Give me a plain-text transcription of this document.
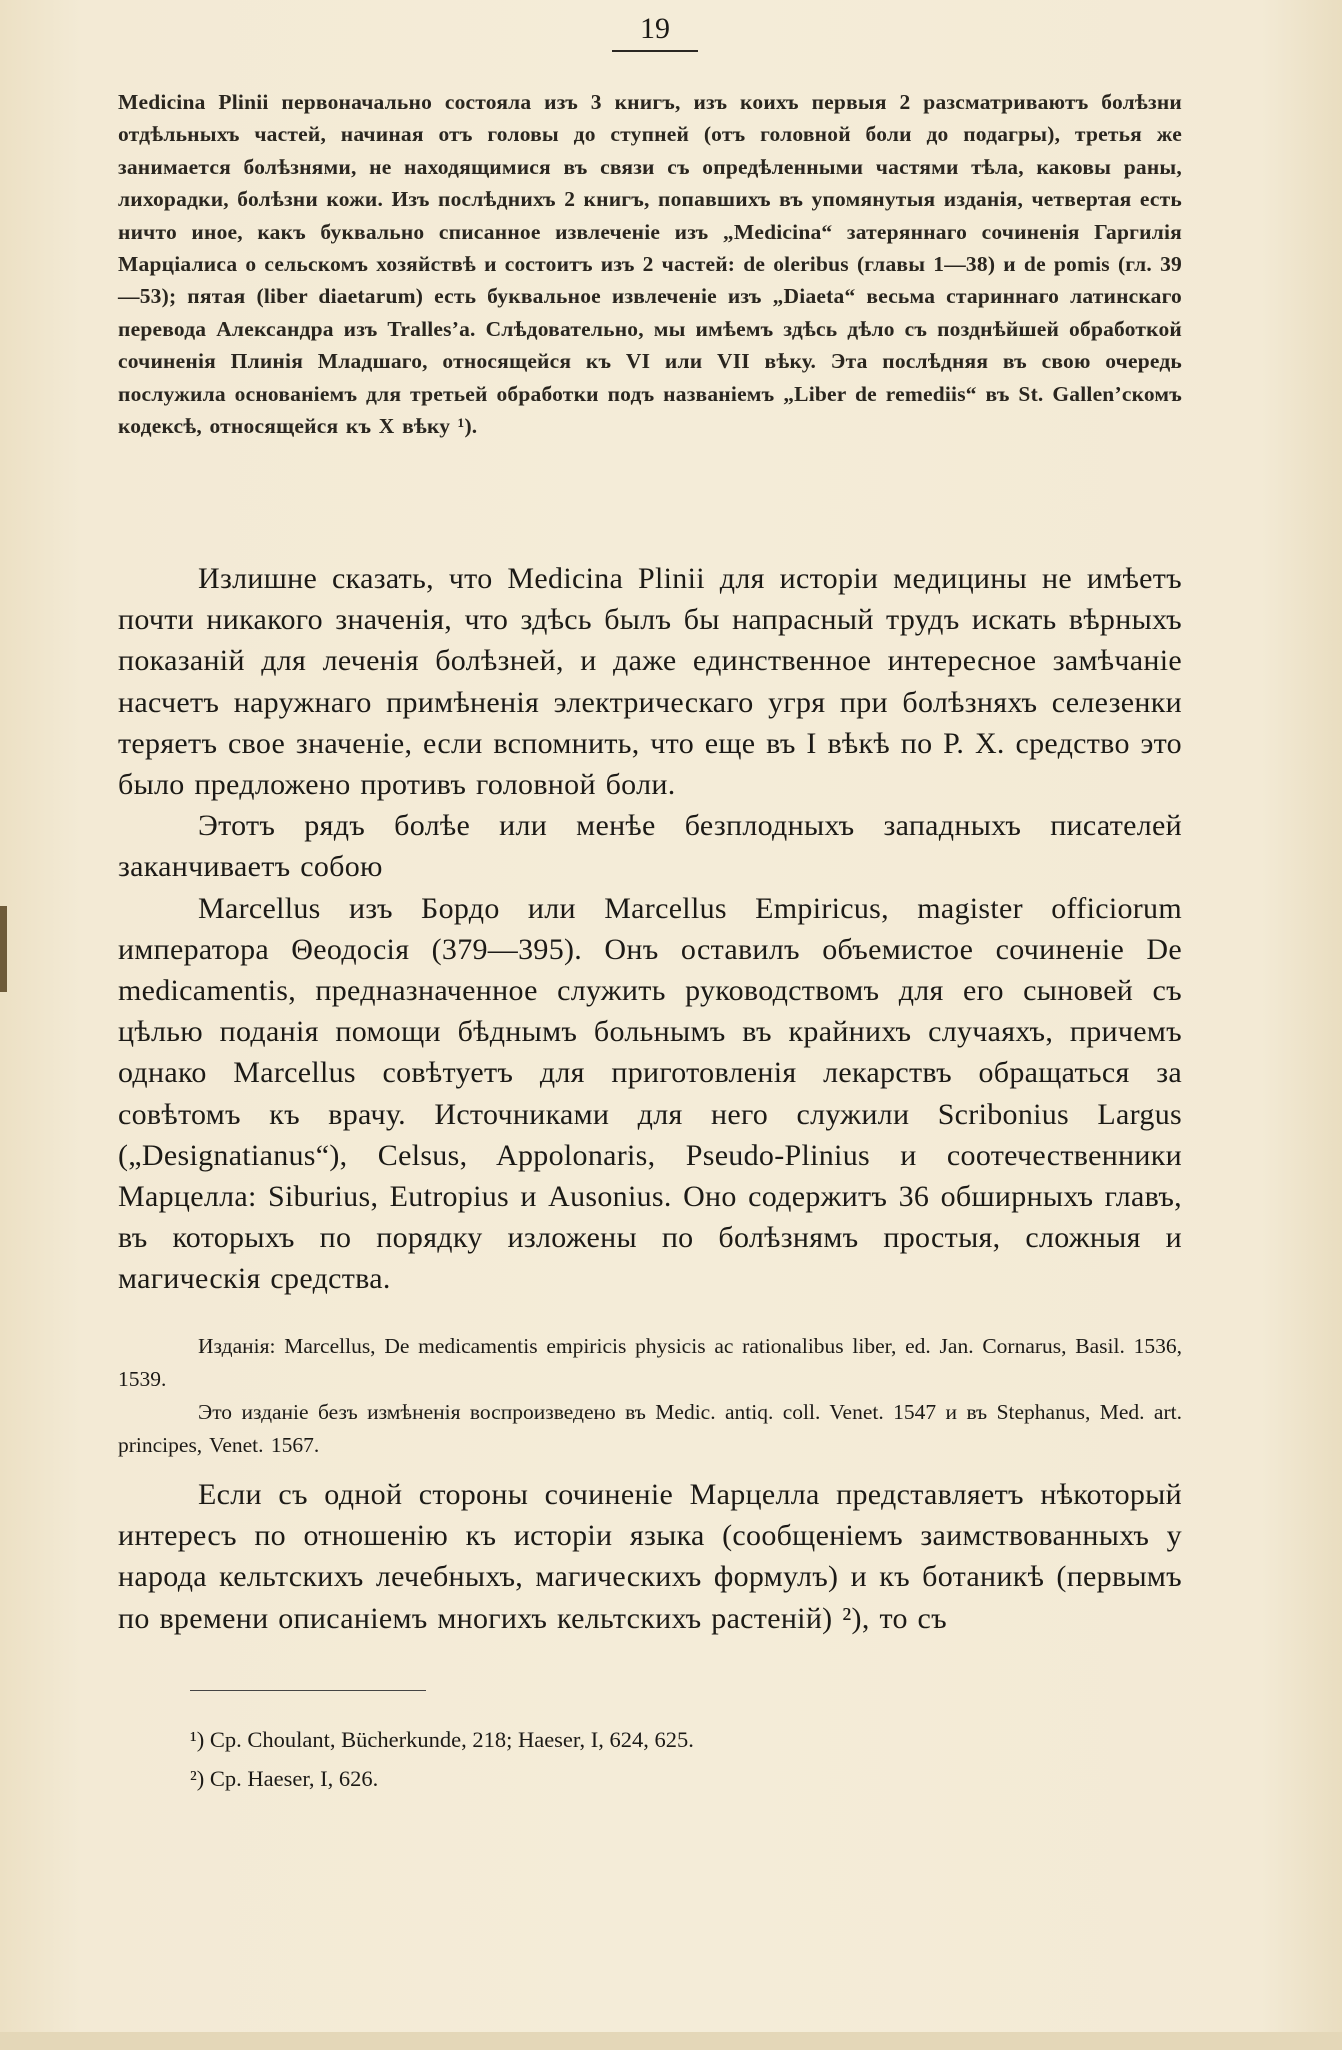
19

Medicina Plinii первоначально состояла изъ 3 книгъ, изъ коихъ первыя 2 разсматриваютъ болѣзни отдѣльныхъ частей, начиная отъ головы до ступней (отъ головной боли до подагры), третья же занимается болѣзнями, не находящимися въ связи съ опредѣленными частями тѣла, каковы раны, лихорадки, болѣзни кожи. Изъ послѣднихъ 2 книгъ, попавшихъ въ упомянутыя изданія, четвертая есть ничто иное, какъ буквально списанное извлеченіе изъ „Medicina“ затеряннаго сочиненія Гаргилія Марціалиса о сельскомъ хозяйствѣ и состоитъ изъ 2 частей: de oleribus (главы 1—38) и de pomis (гл. 39—53); пятая (liber diaetarum) есть буквальное извлеченіе изъ „Diaeta“ весьма стариннаго латинскаго перевода Александра изъ Tralles’а. Слѣдовательно, мы имѣемъ здѣсь дѣло съ позднѣйшей обработкой сочиненія Плинія Младшаго, относящейся къ VI или VII вѣку. Эта послѣдняя въ свою очередь послужила основаніемъ для третьей обработки подъ названіемъ „Liber de remediis“ въ St. Gallen’скомъ кодексѣ, относящейся къ X вѣку ¹).

Излишне сказать, что Medicina Plinii для исторіи медицины не имѣетъ почти никакого значенія, что здѣсь былъ бы напрасный трудъ искать вѣрныхъ показаній для леченія болѣзней, и даже единственное интересное замѣчаніе насчетъ наружнаго примѣненія электрическаго угря при болѣзняхъ селезенки теряетъ свое значеніе, если вспомнить, что еще въ I вѣкѣ по Р. X. средство это было предложено противъ головной боли.

Этотъ рядъ болѣе или менѣе безплодныхъ западныхъ писателей заканчиваетъ собою

Marcellus изъ Бордо или Marcellus Empiricus, magister officiorum императора Θеодосія (379—395). Онъ оставилъ объемистое сочиненіе De medicamentis, предназначенное служить руководствомъ для его сыновей съ цѣлью поданія помощи бѣднымъ больнымъ въ крайнихъ случаяхъ, причемъ однако Marcellus совѣтуетъ для приготовленія лекарствъ обращаться за совѣтомъ къ врачу. Источниками для него служили Scribonius Largus („Designatianus“), Celsus, Appolonaris, Pseudo-Plinius и соотечественники Марцелла: Siburius, Eutropius и Ausonius. Оно содержитъ 36 обширныхъ главъ, въ которыхъ по порядку изложены по болѣзнямъ простыя, сложныя и магическія средства.

Изданія: Marcellus, De medicamentis empiricis physicis ac rationalibus liber, ed. Jan. Cornarus, Basil. 1536, 1539.

Это изданіе безъ измѣненія воспроизведено въ Medic. antiq. coll. Venet. 1547 и въ Stephanus, Med. art. principes, Venet. 1567.

Если съ одной стороны сочиненіе Марцелла представляетъ нѣкоторый интересъ по отношенію къ исторіи языка (сообщеніемъ заимствованныхъ у народа кельтскихъ лечебныхъ, магическихъ формулъ) и къ ботаникѣ (первымъ по времени описаніемъ многихъ кельтскихъ растеній) ²), то съ

¹) Cp. Choulant, Bücherkunde, 218; Haeser, I, 624, 625.
²) Cp. Haeser, I, 626.
